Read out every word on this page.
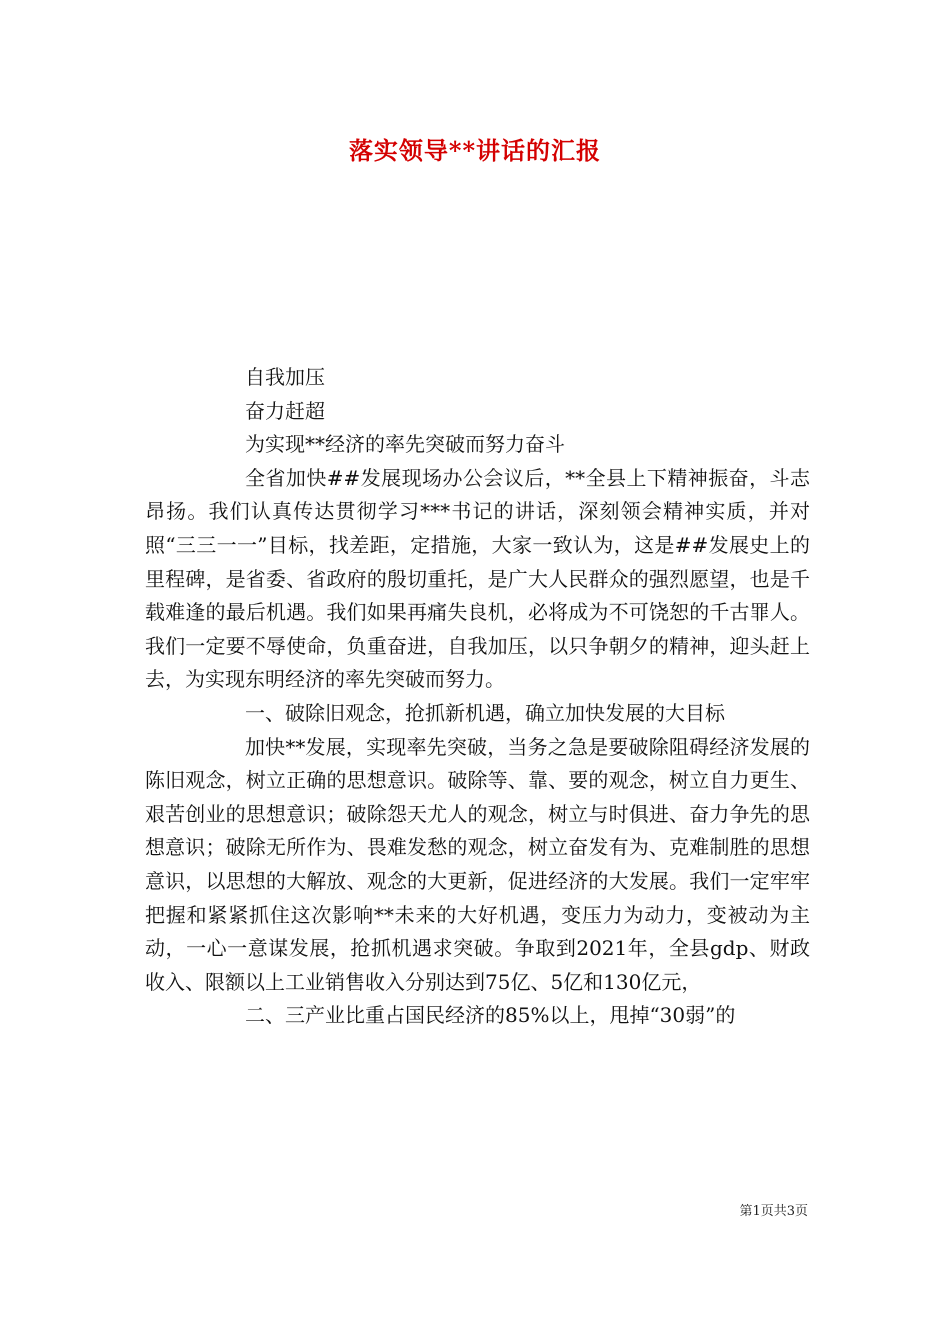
落实领导**讲话的汇报

自我加压

奋力赶超

为实现**经济的率先突破而努力奋斗

全省加快##发展现场办公会议后，**全县上下精神振奋，斗志昂扬。我们认真传达贯彻学习***书记的讲话，深刻领会精神实质，并对照“三三一一”目标，找差距，定措施，大家一致认为，这是##发展史上的里程碑，是省委、省政府的殷切重托，是广大人民群众的强烈愿望，也是千载难逢的最后机遇。我们如果再痛失良机，必将成为不可饶恕的千古罪人。我们一定要不辱使命，负重奋进，自我加压，以只争朝夕的精神，迎头赶上去，为实现东明经济的率先突破而努力。

一、破除旧观念，抢抓新机遇，确立加快发展的大目标

加快**发展，实现率先突破，当务之急是要破除阻碍经济发展的陈旧观念，树立正确的思想意识。破除等、靠、要的观念，树立自力更生、艰苦创业的思想意识；破除怨天尤人的观念，树立与时俱进、奋力争先的思想意识；破除无所作为、畏难发愁的观念，树立奋发有为、克难制胜的思想意识，以思想的大解放、观念的大更新，促进经济的大发展。我们一定牢牢把握和紧紧抓住这次影响**未来的大好机遇，变压力为动力，变被动为主动，一心一意谋发展，抢抓机遇求突破。争取到2021年，全县gdp、财政收入、限额以上工业销售收入分别达到75亿、5亿和130亿元，

二、三产业比重占国民经济的85%以上，甩掉“30弱”的

第1页共3页
